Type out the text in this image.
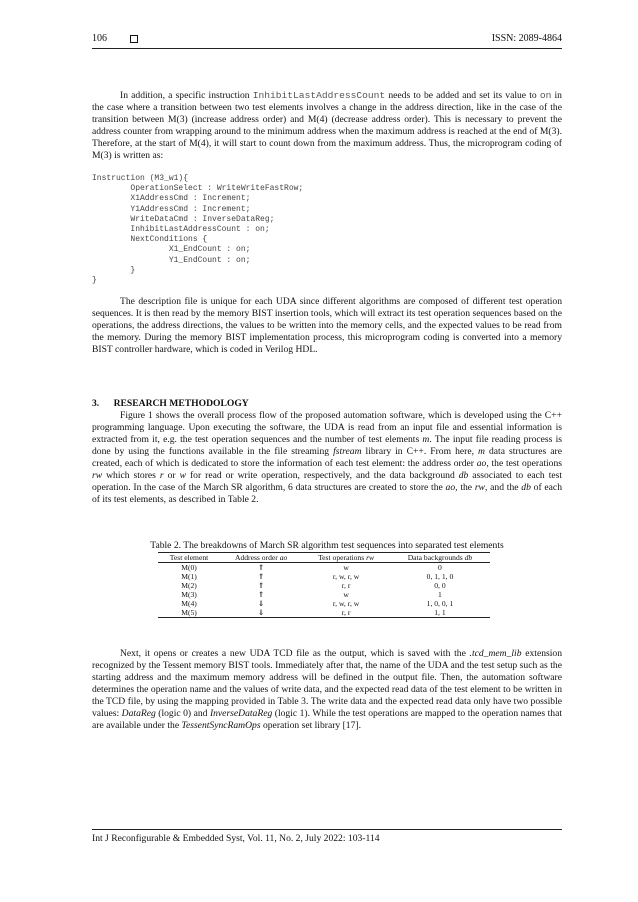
106	ISSN: 2089-4864

In addition, a specific instruction InhibitLastAddressCount needs to be added and set its value to on in the case where a transition between two test elements involves a change in the address direction, like in the case of the transition between M(3) (increase address order) and M(4) (decrease address order). This is necessary to prevent the address counter from wrapping around to the minimum address when the maximum address is reached at the end of M(3). Therefore, at the start of M(4), it will start to count down from the maximum address. Thus, the microprogram coding of M(3) is written as:

Instruction (M3_w1){
OperationSelect : WriteWriteFastRow;
X1AddressCmd : Increment;
Y1AddressCmd : Increment;
WriteDataCmd : InverseDataReg;
InhibitLastAddressCount : on;
NextConditions {
X1_EndCount : on;
Y1_EndCount : on;
}
}

The description file is unique for each UDA since different algorithms are composed of different test operation sequences. It is then read by the memory BIST insertion tools, which will extract its test operation sequences based on the operations, the address directions, the values to be written into the memory cells, and the expected values to be read from the memory. During the memory BIST implementation process, this microprogram coding is converted into a memory BIST controller hardware, which is coded in Verilog HDL.

3.      RESEARCH METHODOLOGY

Figure 1 shows the overall process flow of the proposed automation software, which is developed using the C++ programming language. Upon executing the software, the UDA is read from an input file and essential information is extracted from it, e.g. the test operation sequences and the number of test elements m. The input file reading process is done by using the functions available in the file streaming fstream library in C++. From here, m data structures are created, each of which is dedicated to store the information of each test element: the address order ao, the test operations rw which stores r or w for read or write operation, respectively, and the data background db associated to each test operation. In the case of the March SR algorithm, 6 data structures are created to store the ao, the rw, and the db of each of its test elements, as described in Table 2.

Table 2. The breakdowns of March SR algorithm test sequences into separated test elements
Test element	Address order ao	Test operations rw	Data backgrounds db
M(0)	⇑	w	0
M(1)	⇑	r, w, r, w	0, 1, 1, 0
M(2)	⇑	r, r	0, 0
M(3)	⇑	w	1
M(4)	⇓	r, w, r, w	1, 0, 0, 1
M(5)	⇓	r, r	1, 1

Next, it opens or creates a new UDA TCD file as the output, which is saved with the .tcd_mem_lib extension recognized by the Tessent memory BIST tools. Immediately after that, the name of the UDA and the test setup such as the starting address and the maximum memory address will be defined in the output file. Then, the automation software determines the operation name and the values of write data, and the expected read data of the test element to be written in the TCD file, by using the mapping provided in Table 3. The write data and the expected read data only have two possible values: DataReg (logic 0) and InverseDataReg (logic 1). While the test operations are mapped to the operation names that are available under the TessentSyncRamOps operation set library [17].

Int J Reconfigurable & Embedded Syst, Vol. 11, No. 2, July 2022: 103-114
